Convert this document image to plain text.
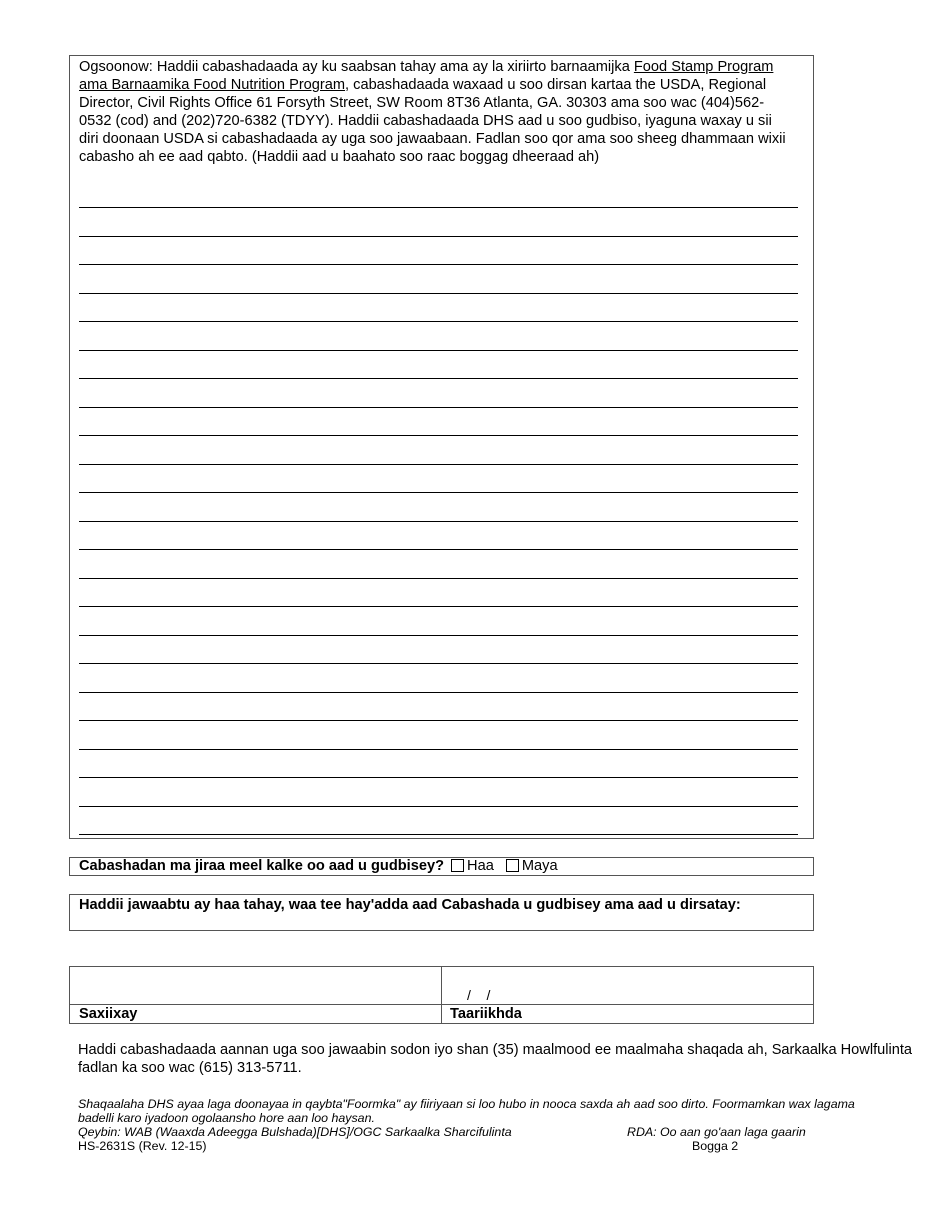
Ogsoonow: Haddii cabashadaada ay ku saabsan tahay ama ay la xiriirto barnaamijka Food Stamp Program ama Barnaamika Food Nutrition Program, cabashadaada waxaad u soo dirsan kartaa the USDA, Regional Director, Civil Rights Office 61 Forsyth Street, SW Room 8T36 Atlanta, GA. 30303 ama soo wac (404)562-0532 (cod) and (202)720-6382 (TDYY). Haddii cabashadaada DHS aad u soo gudbiso, iyaguna waxay u sii diri doonaan USDA si cabashadaada ay uga soo jawaabaan. Fadlan soo qor ama soo sheeg dhammaan wixii cabasho ah ee aad qabto. (Haddii aad u baahato soo raac boggag dheeraad ah)

Cabashadan ma jiraa meel kalke oo aad u gudbisey? Haa Maya
Haddii jawaabtu ay haa tahay, waa tee hay'adda aad Cabashada u gudbisey ama aad u dirsatay:
/    /
Saxiixay	Taariikhda

Haddi cabashadaada aannan uga soo jawaabin sodon iyo shan (35) maalmood ee maalmaha shaqada ah, Sarkaalka Howlfulinta fadlan ka soo wac (615) 313-5711.

Shaqaalaha DHS ayaa laga doonayaa in qaybta"Foormka" ay fiiriyaan si loo hubo in nooca saxda ah aad soo dirto. Foormamkan wax lagama
badelli karo iyadoon ogolaansho hore aan loo haysan.
Qeybin: WAB (Waaxda Adeegga Bulshada)[DHS]/OGC Sarkaalka Sharcifulinta	RDA: Oo aan go'aan laga gaarin
HS-2631S (Rev. 12-15)	Bogga 2
